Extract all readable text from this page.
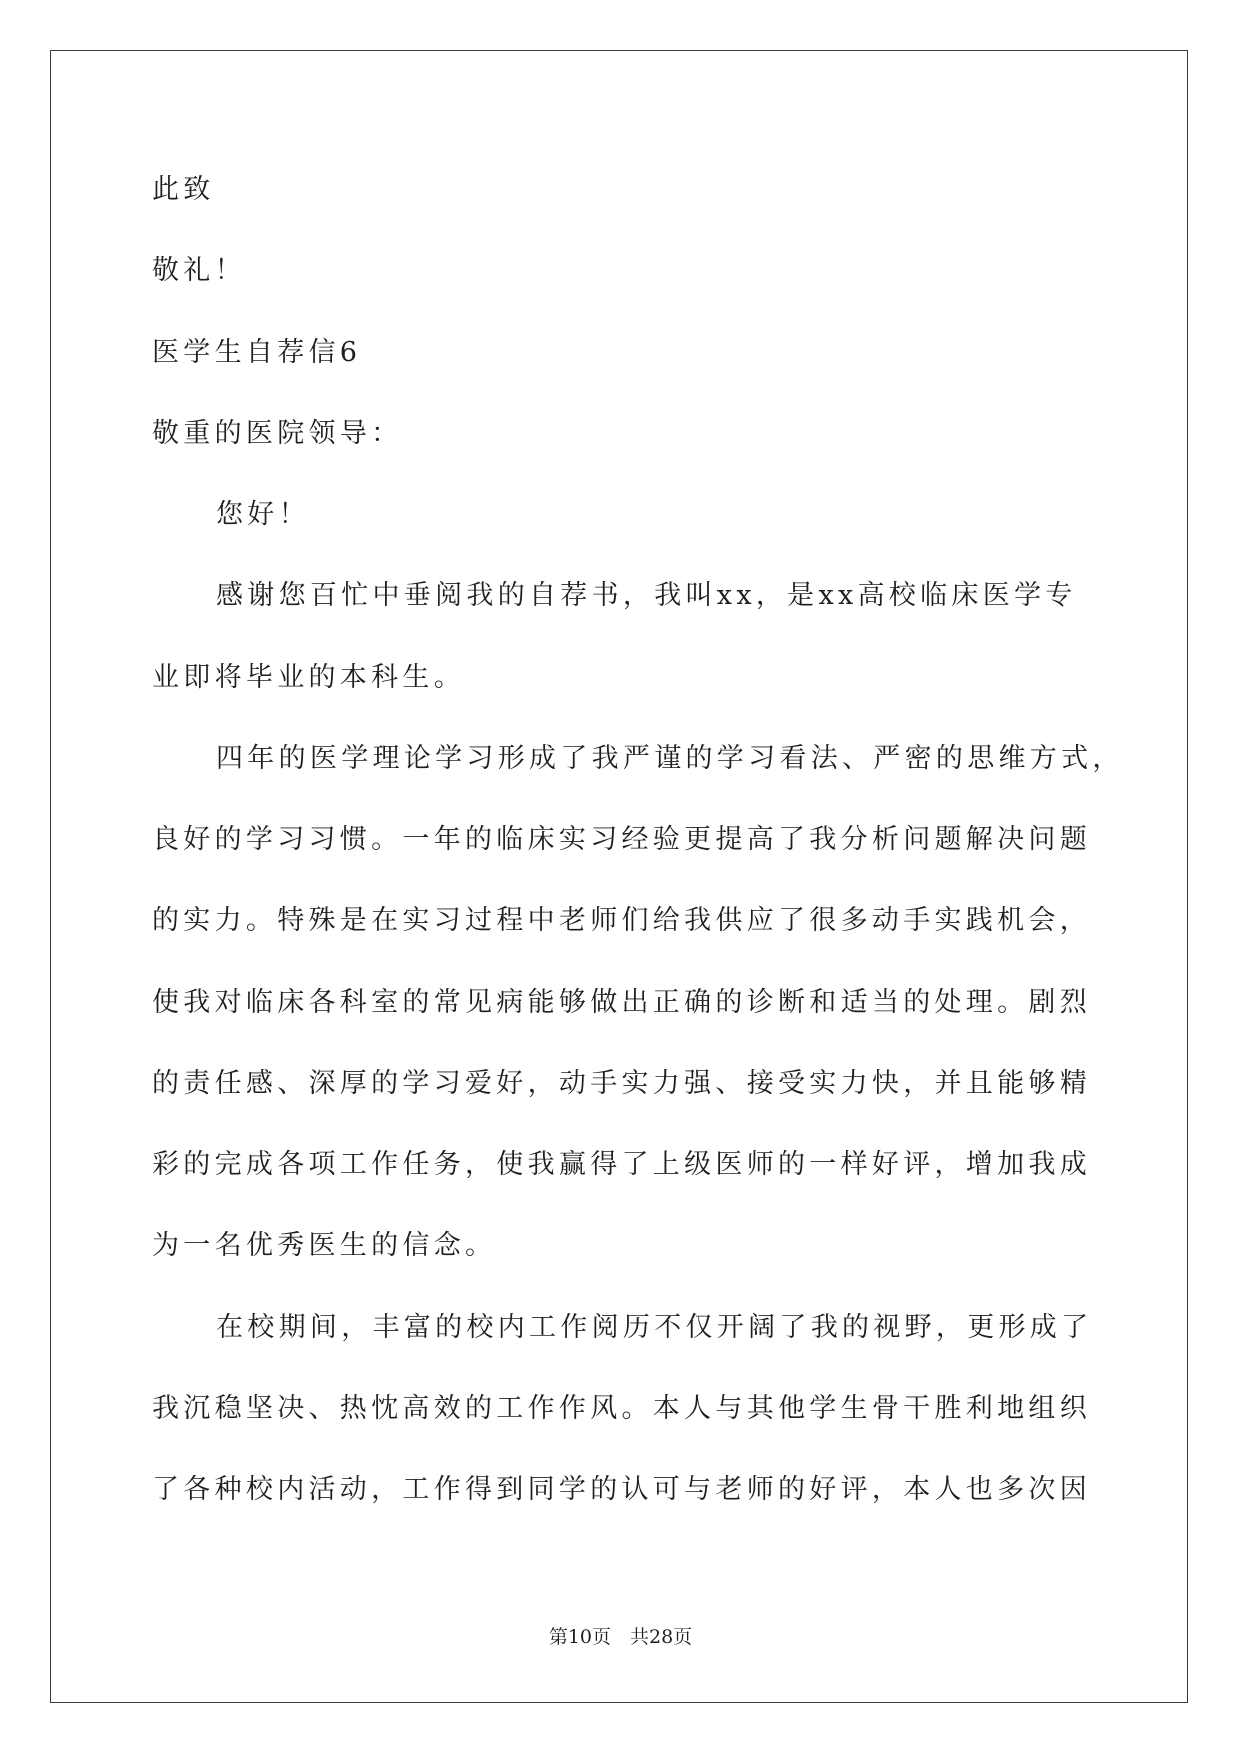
此致
敬礼！
医学生自荐信6
敬重的医院领导：
您好！
感谢您百忙中垂阅我的自荐书，我叫xx，是xx高校临床医学专
业即将毕业的本科生。
四年的医学理论学习形成了我严谨的学习看法、严密的思维方式，
良好的学习习惯。一年的临床实习经验更提高了我分析问题解决问题
的实力。特殊是在实习过程中老师们给我供应了很多动手实践机会，
使我对临床各科室的常见病能够做出正确的诊断和适当的处理。剧烈
的责任感、深厚的学习爱好，动手实力强、接受实力快，并且能够精
彩的完成各项工作任务，使我赢得了上级医师的一样好评，增加我成
为一名优秀医生的信念。
在校期间，丰富的校内工作阅历不仅开阔了我的视野，更形成了
我沉稳坚决、热忱高效的工作作风。本人与其他学生骨干胜利地组织
了各种校内活动，工作得到同学的认可与老师的好评，本人也多次因
第10页 共28页
